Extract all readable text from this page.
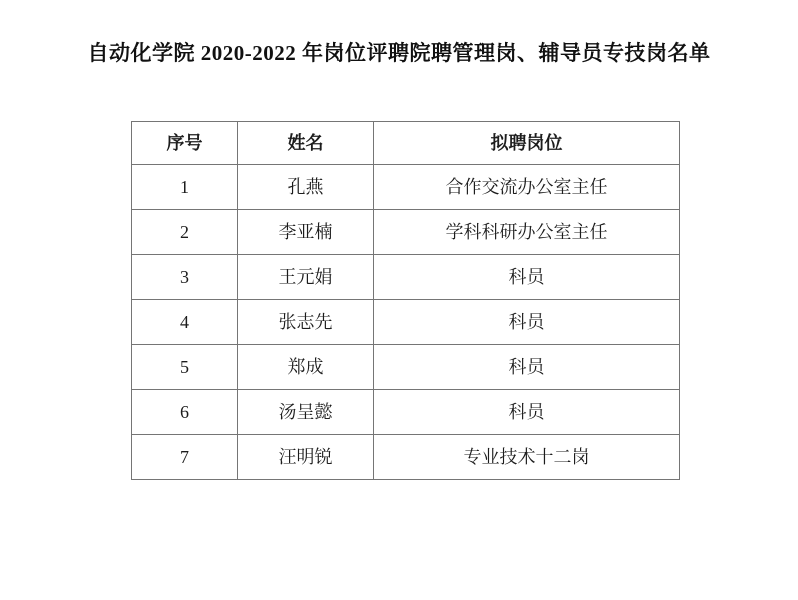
自动化学院 2020-2022 年岗位评聘院聘管理岗、辅导员专技岗名单
序号	姓名	拟聘岗位
1	孔燕	合作交流办公室主任
2	李亚楠	学科科研办公室主任
3	王元娟	科员
4	张志先	科员
5	郑成	科员
6	汤呈懿	科员
7	汪明锐	专业技术十二岗
